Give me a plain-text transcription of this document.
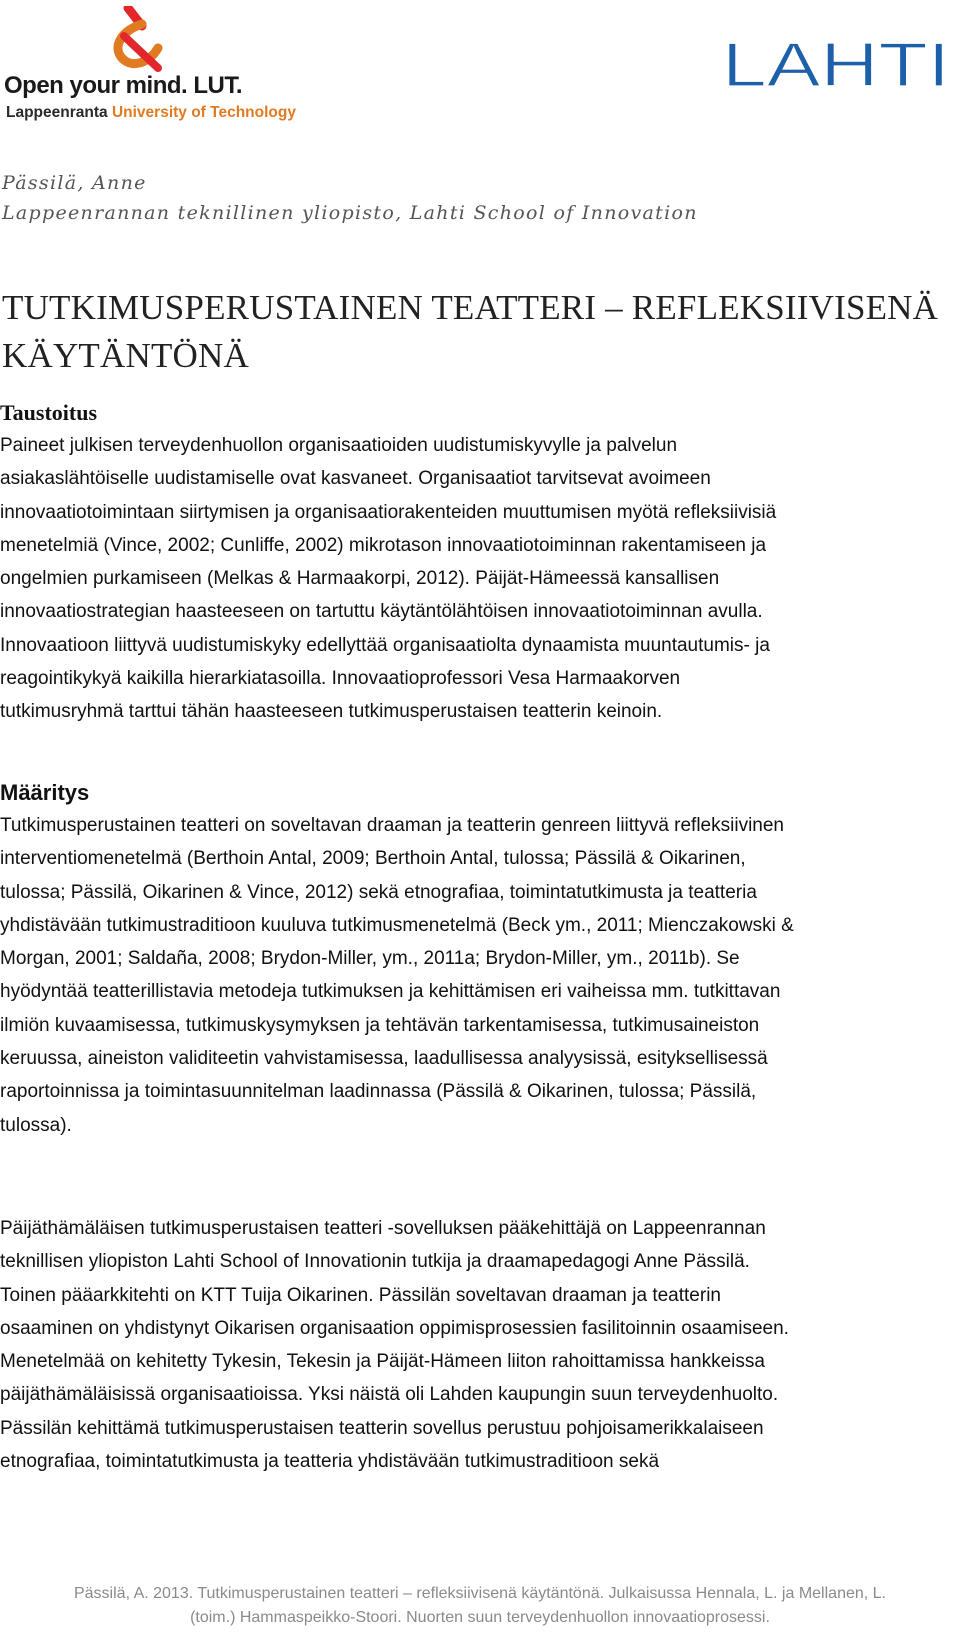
Open your mind. LUT.
Lappeenranta University of Technology
LAHTI
Pässilä, Anne
Lappeenrannan teknillinen yliopisto, Lahti School of Innovation
TUTKIMUSPERUSTAINEN TEATTERI – REFLEKSIIVISENÄ
KÄYTÄNTÖNÄ
Taustoitus
Paineet julkisen terveydenhuollon organisaatioiden uudistumiskyvylle ja palvelun
asiakaslähtöiselle uudistamiselle ovat kasvaneet. Organisaatiot tarvitsevat avoimeen
innovaatiotoimintaan siirtymisen ja organisaatiorakenteiden muuttumisen myötä refleksiivisiä
menetelmiä (Vince, 2002; Cunliffe, 2002) mikrotason innovaatiotoiminnan rakentamiseen ja
ongelmien purkamiseen (Melkas & Harmaakorpi, 2012). Päijät-Hämeessä kansallisen
innovaatiostrategian haasteeseen on tartuttu käytäntölähtöisen innovaatiotoiminnan avulla.
Innovaatioon liittyvä uudistumiskyky edellyttää organisaatiolta dynaamista muuntautumis- ja
reagointikykyä kaikilla hierarkiatasoilla. Innovaatioprofessori Vesa Harmaakorven
tutkimusryhmä tarttui tähän haasteeseen tutkimusperustaisen teatterin keinoin.
Määritys
Tutkimusperustainen teatteri on soveltavan draaman ja teatterin genreen liittyvä refleksiivinen
interventiomenetelmä (Berthoin Antal, 2009; Berthoin Antal, tulossa; Pässilä & Oikarinen,
tulossa; Pässilä, Oikarinen & Vince, 2012) sekä etnografiaa, toimintatutkimusta ja teatteria
yhdistävään tutkimustraditioon kuuluva tutkimusmenetelmä (Beck ym., 2011; Mienczakowski &
Morgan, 2001; Saldaña, 2008; Brydon-Miller, ym., 2011a; Brydon-Miller, ym., 2011b). Se
hyödyntää teatterillistavia metodeja tutkimuksen ja kehittämisen eri vaiheissa mm. tutkittavan
ilmiön kuvaamisessa, tutkimuskysymyksen ja tehtävän tarkentamisessa, tutkimusaineiston
keruussa, aineiston validiteetin vahvistamisessa, laadullisessa analyysissä, esityksellisessä
raportoinnissa ja toimintasuunnitelman laadinnassa (Pässilä & Oikarinen, tulossa; Pässilä,
tulossa).
Päijäthämäläisen tutkimusperustaisen teatteri -sovelluksen pääkehittäjä on Lappeenrannan
teknillisen yliopiston Lahti School of Innovationin tutkija ja draamapedagogi Anne Pässilä.
Toinen pääarkkitehti on KTT Tuija Oikarinen. Pässilän soveltavan draaman ja teatterin
osaaminen on yhdistynyt Oikarisen organisaation oppimisprosessien fasilitoinnin osaamiseen.
Menetelmää on kehitetty Tykesin, Tekesin ja Päijät-Hämeen liiton rahoittamissa hankkeissa
päijäthämäläisissä organisaatioissa. Yksi näistä oli Lahden kaupungin suun terveydenhuolto.
Pässilän kehittämä tutkimusperustaisen teatterin sovellus perustuu pohjoisamerikkalaiseen
etnografiaa, toimintatutkimusta ja teatteria yhdistävään tutkimustraditioon sekä
Pässilä, A. 2013. Tutkimusperustainen teatteri – refleksiivisenä käytäntönä. Julkaisussa Hennala, L. ja Mellanen, L.
(toim.) Hammaspeikko-Stoori. Nuorten suun terveydenhuollon innovaatioprosessi.
